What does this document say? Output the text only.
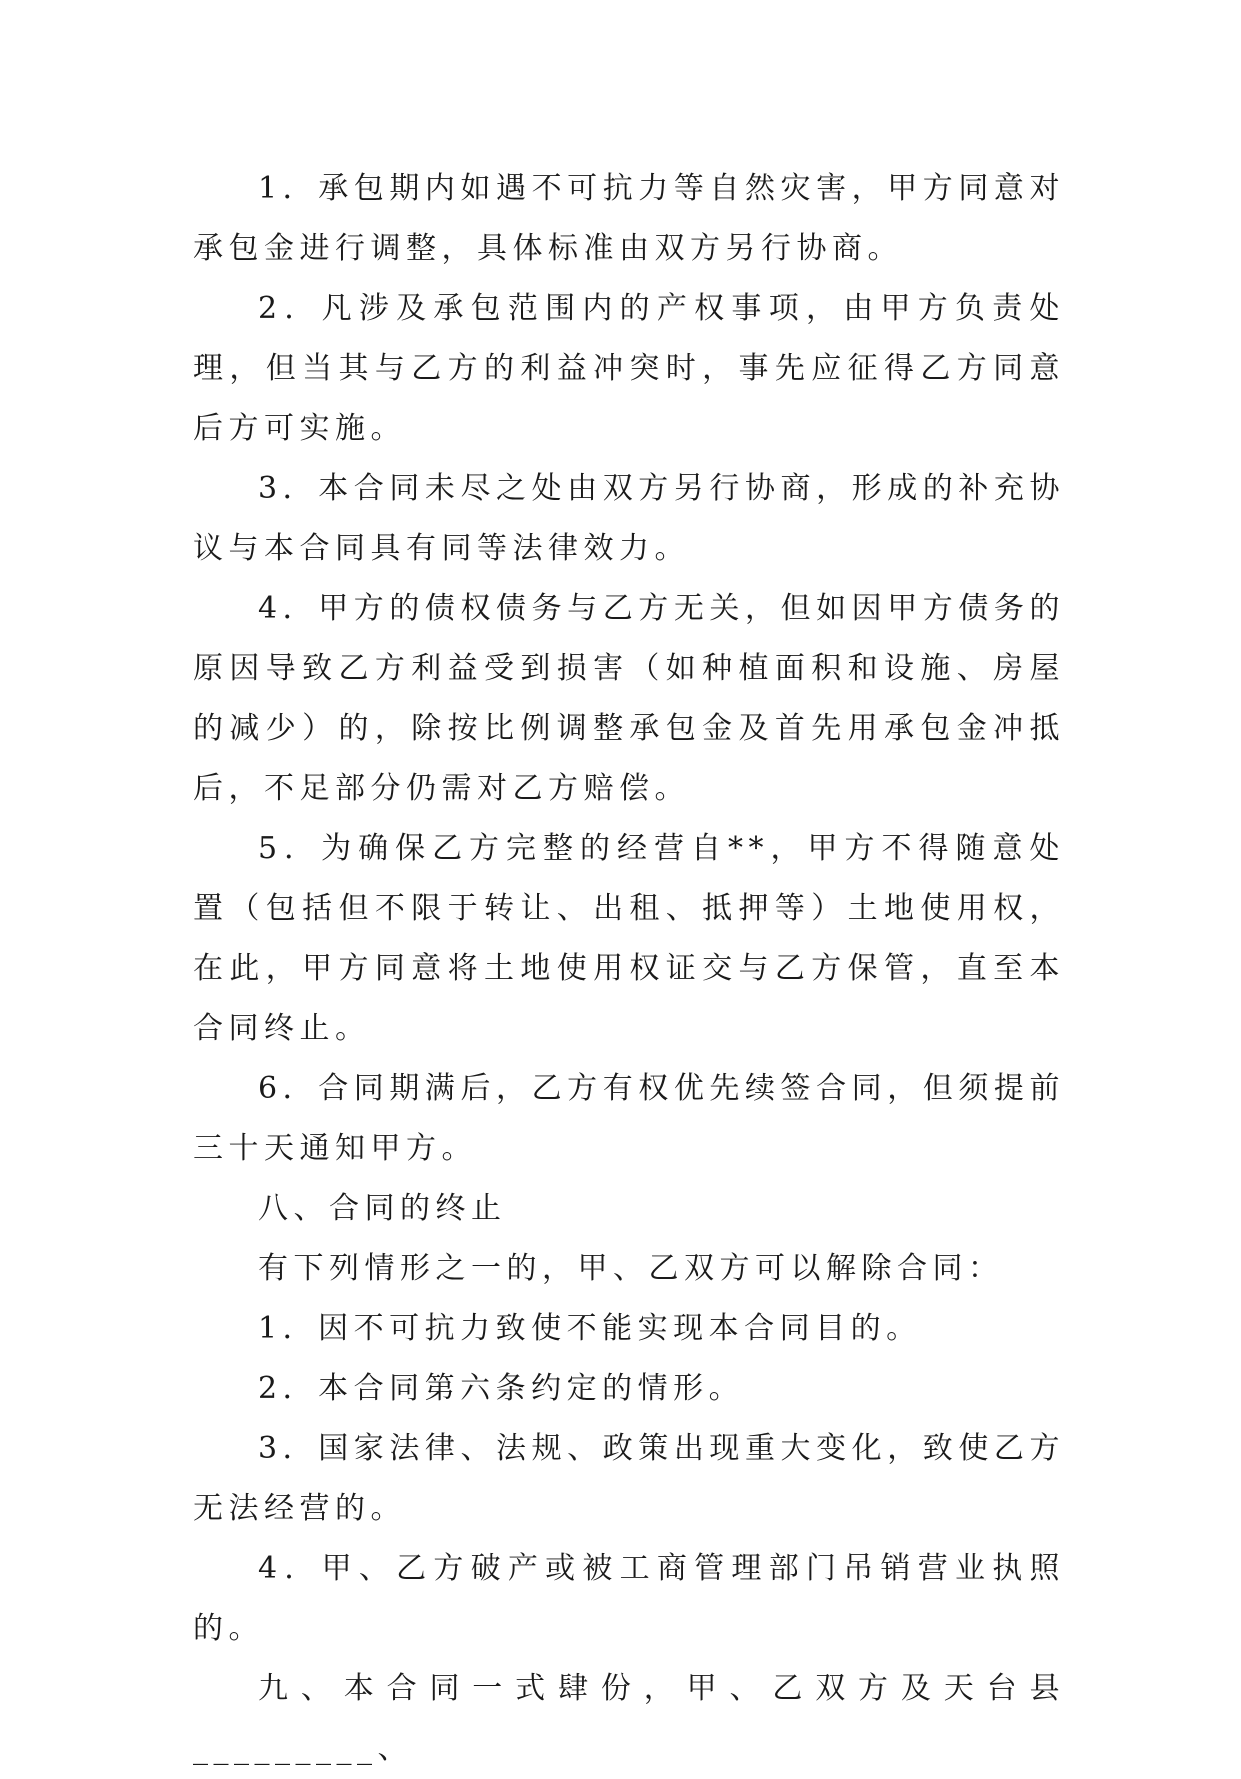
1．承包期内如遇不可抗力等自然灾害，甲方同意对承包金进行调整，具体标准由双方另行协商。

2．凡涉及承包范围内的产权事项，由甲方负责处理，但当其与乙方的利益冲突时，事先应征得乙方同意后方可实施。

3．本合同未尽之处由双方另行协商，形成的补充协议与本合同具有同等法律效力。

4．甲方的债权债务与乙方无关，但如因甲方债务的原因导致乙方利益受到损害（如种植面积和设施、房屋的减少）的，除按比例调整承包金及首先用承包金冲抵后，不足部分仍需对乙方赔偿。

5．为确保乙方完整的经营自**，甲方不得随意处置（包括但不限于转让、出租、抵押等）土地使用权，在此，甲方同意将土地使用权证交与乙方保管，直至本合同终止。

6．合同期满后，乙方有权优先续签合同，但须提前三十天通知甲方。

八、合同的终止

有下列情形之一的，甲、乙双方可以解除合同：

1．因不可抗力致使不能实现本合同目的。

2．本合同第六条约定的情形。

3．国家法律、法规、政策出现重大变化，致使乙方无法经营的。

4．甲、乙方破产或被工商管理部门吊销营业执照的。

九、本合同一式肆份，甲、乙双方及天台县_________、
